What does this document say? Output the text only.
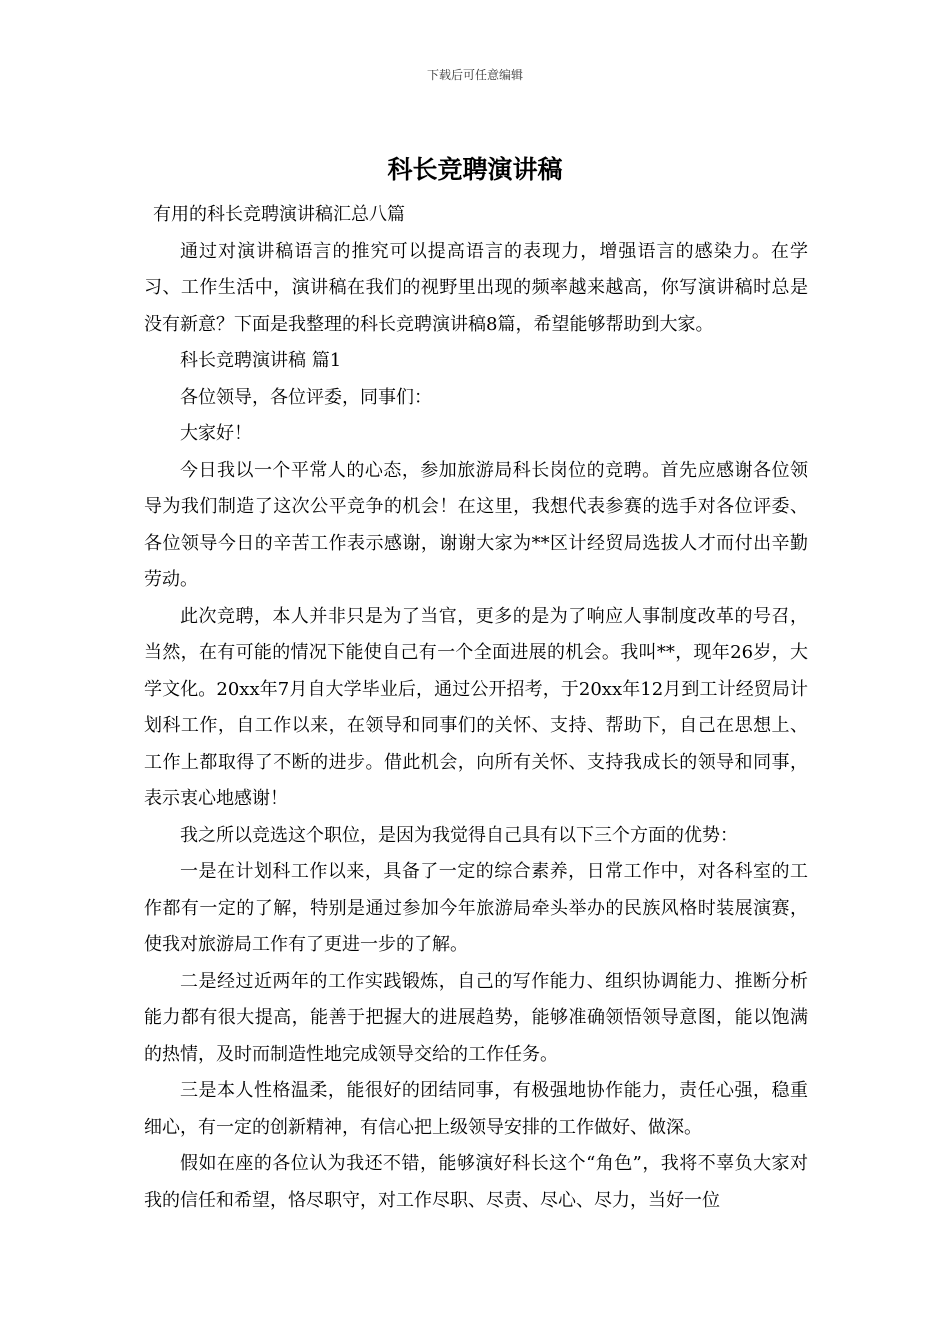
下载后可任意编辑
科长竞聘演讲稿

有用的科长竞聘演讲稿汇总八篇

通过对演讲稿语言的推究可以提高语言的表现力，增强语言的感染力。在学习、工作生活中，演讲稿在我们的视野里出现的频率越来越高，你写演讲稿时总是没有新意？下面是我整理的科长竞聘演讲稿8篇，希望能够帮助到大家。

科长竞聘演讲稿 篇1

各位领导，各位评委，同事们：

大家好！

今日我以一个平常人的心态，参加旅游局科长岗位的竞聘。首先应感谢各位领导为我们制造了这次公平竞争的机会！在这里，我想代表参赛的选手对各位评委、各位领导今日的辛苦工作表示感谢，谢谢大家为**区计经贸局选拔人才而付出辛勤劳动。

此次竞聘，本人并非只是为了当官，更多的是为了响应人事制度改革的号召，当然，在有可能的情况下能使自己有一个全面进展的机会。我叫**，现年26岁，大学文化。20xx年7月自大学毕业后，通过公开招考，于20xx年12月到工计经贸局计划科工作，自工作以来，在领导和同事们的关怀、支持、帮助下，自己在思想上、工作上都取得了不断的进步。借此机会，向所有关怀、支持我成长的领导和同事，表示衷心地感谢！

我之所以竞选这个职位，是因为我觉得自己具有以下三个方面的优势：

一是在计划科工作以来，具备了一定的综合素养，日常工作中，对各科室的工作都有一定的了解，特别是通过参加今年旅游局牵头举办的民族风格时装展演赛，使我对旅游局工作有了更进一步的了解。

二是经过近两年的工作实践锻炼，自己的写作能力、组织协调能力、推断分析能力都有很大提高，能善于把握大的进展趋势，能够准确领悟领导意图，能以饱满的热情，及时而制造性地完成领导交给的工作任务。

三是本人性格温柔，能很好的团结同事，有极强地协作能力，责任心强，稳重细心，有一定的创新精神，有信心把上级领导安排的工作做好、做深。

假如在座的各位认为我还不错，能够演好科长这个“角色”，我将不辜负大家对我的信任和希望，恪尽职守，对工作尽职、尽责、尽心、尽力，当好一位
